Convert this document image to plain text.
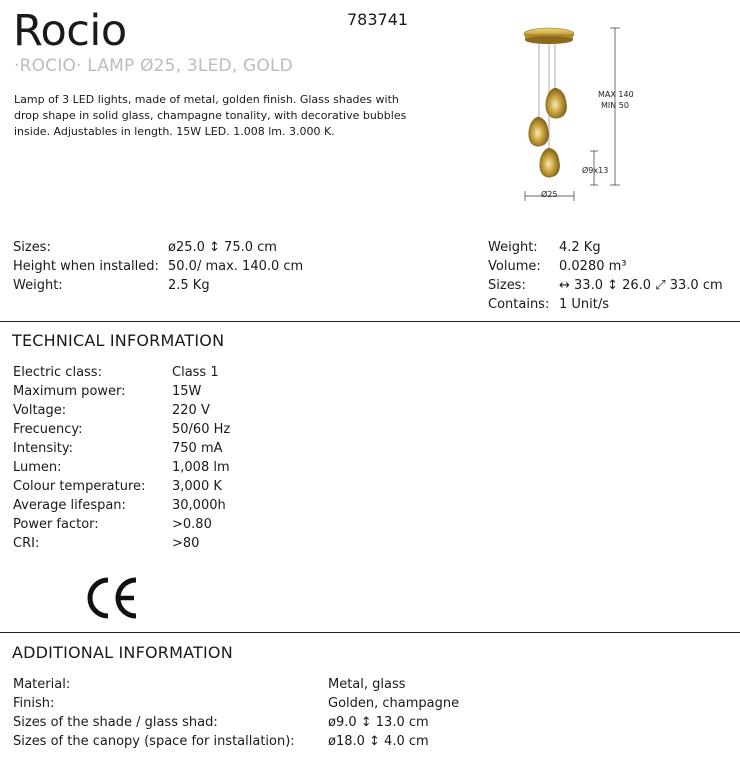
Rocio	783741
·ROCIO· LAMP Ø25, 3LED, GOLD
Lamp of 3 LED lights, made of metal, golden finish. Glass shades with drop shape in solid glass, champagne tonality, with decorative bubbles inside. Adjustables in length. 15W LED. 1.008 lm. 3.000 K.
MAX 140
MIN 50
Ø9x13
Ø25
Sizes:	ø25.0 ↕ 75.0 cm
Height when installed: 50.0/ max. 140.0 cm
Weight:	2.5 Kg
Weight:	4.2 Kg
Volume:	0.0280 m³
Sizes:	↔ 33.0 ↕ 26.0 ⤢ 33.0 cm
Contains: 1 Unit/s
TECHNICAL INFORMATION
Electric class:	Class 1
Maximum power:	15W
Voltage:	220 V
Frecuency:	50/60 Hz
Intensity:	750 mA
Lumen:	1,008 lm
Colour temperature:	3,000 K
Average lifespan:	30,000h
Power factor:	>0.80
CRI:	>80
ADDITIONAL INFORMATION
Material:	Metal, glass
Finish:	Golden, champagne
Sizes of the shade / glass shad:	ø9.0 ↕ 13.0 cm
Sizes of the canopy (space for installation):	ø18.0 ↕ 4.0 cm
